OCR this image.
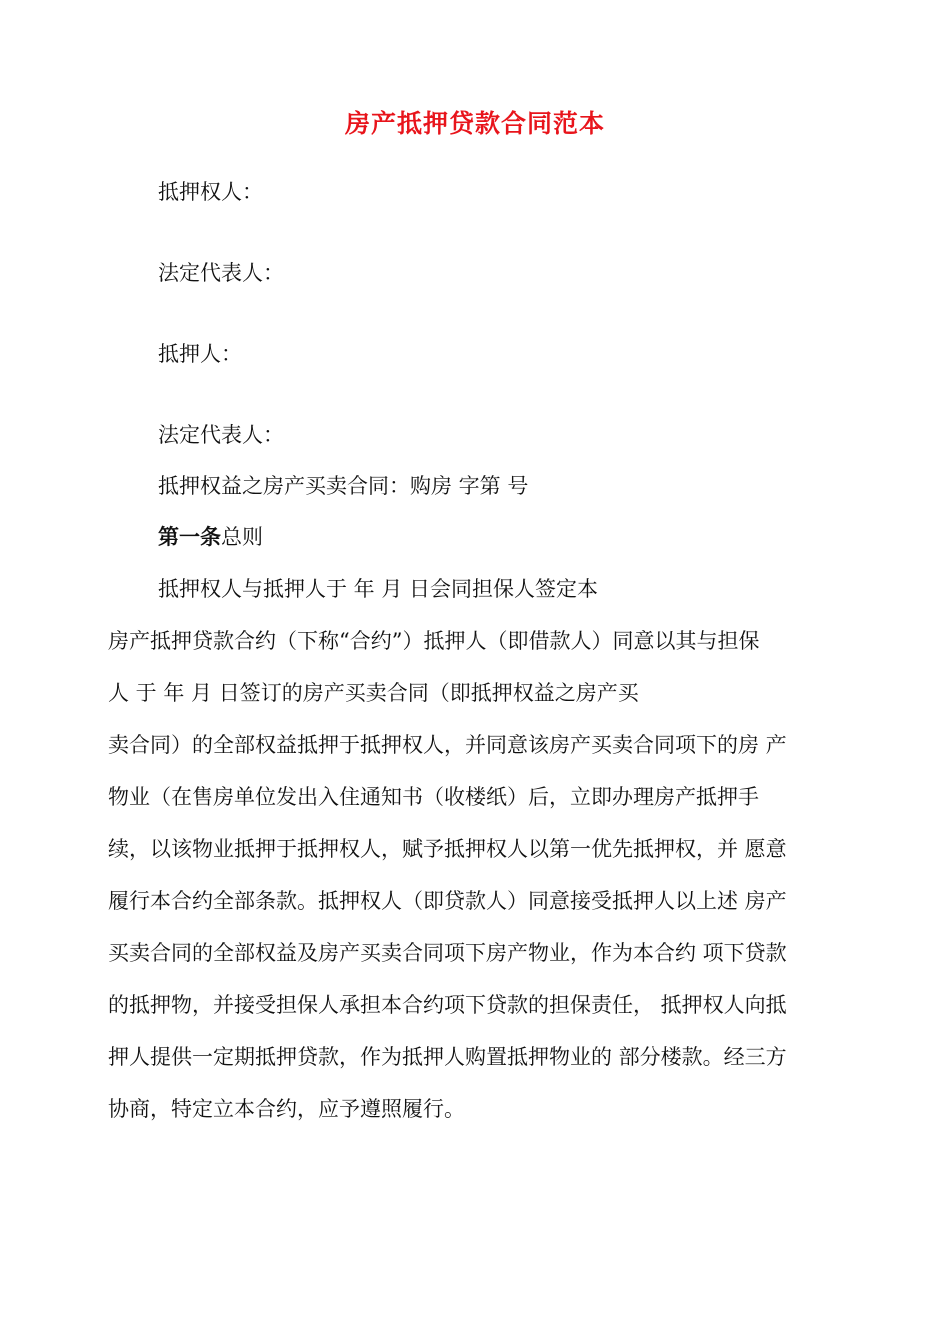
房产抵押贷款合同范本
抵押权人：
法定代表人：
抵押人：
法定代表人：
抵押权益之房产买卖合同：购房 字第 号
第一条总则
抵押权人与抵押人于 年 月 日会同担保人签定本
房产抵押贷款合约（下称“合约”）抵押人（即借款人）同意以其与担保
人 于 年 月 日签订的房产买卖合同（即抵押权益之房产买
卖合同）的全部权益抵押于抵押权人，并同意该房产买卖合同项下的房 产
物业（在售房单位发出入住通知书（收楼纸）后，立即办理房产抵押手
续，以该物业抵押于抵押权人，赋予抵押权人以第一优先抵押权，并 愿意
履行本合约全部条款。抵押权人（即贷款人）同意接受抵押人以上述 房产
买卖合同的全部权益及房产买卖合同项下房产物业，作为本合约 项下贷款
的抵押物，并接受担保人承担本合约项下贷款的担保责任， 抵押权人向抵
押人提供一定期抵押贷款，作为抵押人购置抵押物业的 部分楼款。经三方
协商，特定立本合约，应予遵照履行。
